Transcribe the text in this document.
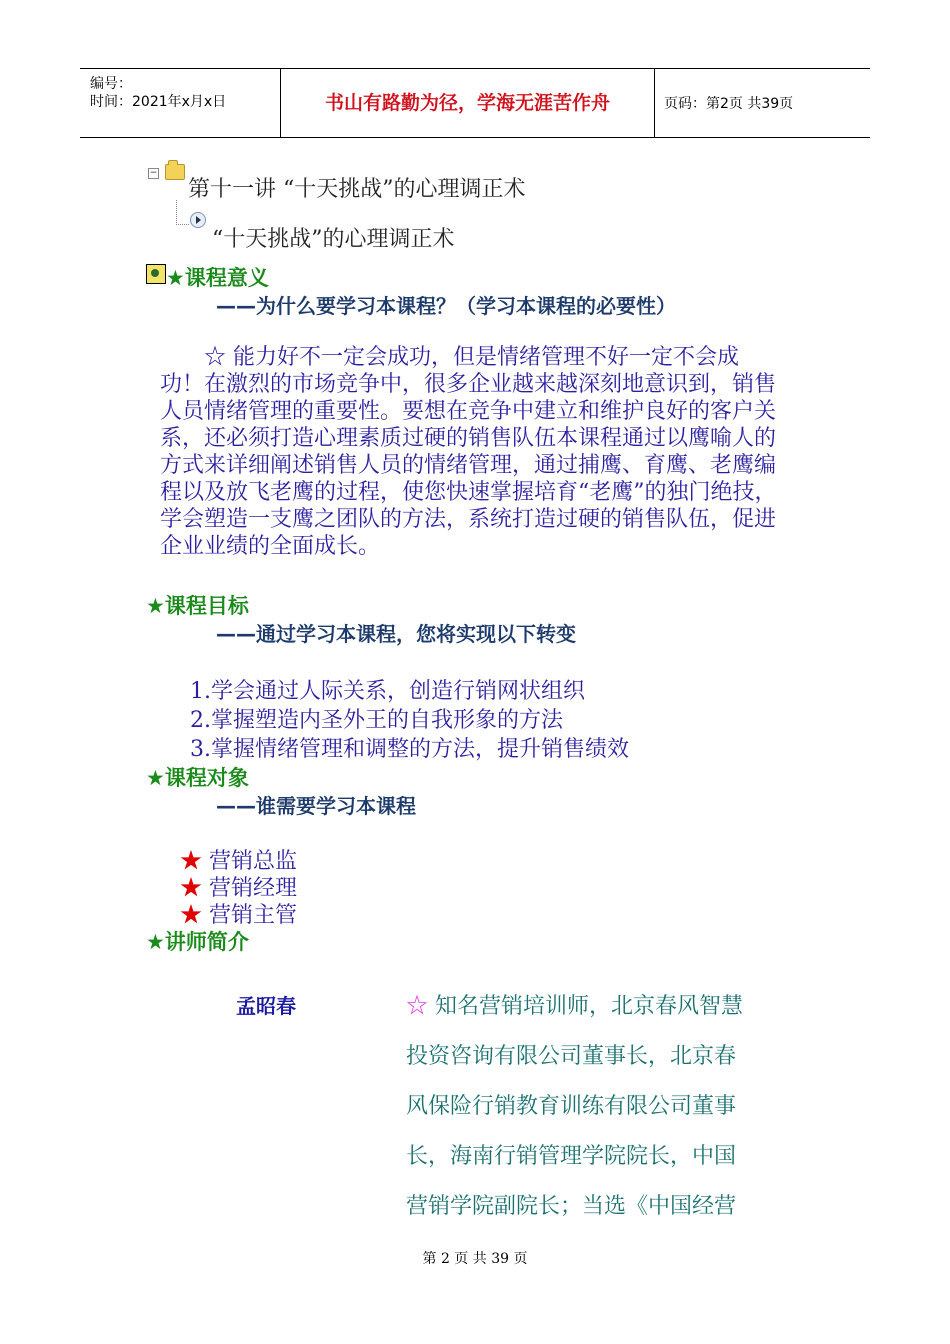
编号：
时间：2021年x月x日	书山有路勤为径，学海无涯苦作舟	页码：第2页 共39页
−
第十一讲 “十天挑战”的心理调正术
“十天挑战”的心理调正术
★课程意义
——为什么要学习本课程？（学习本课程的必要性）
☆ 能力好不一定会成功，但是情绪管理不好一定不会成功！在激烈的市场竞争中，很多企业越来越深刻地意识到，销售人员情绪管理的重要性。要想在竞争中建立和维护良好的客户关系，还必须打造心理素质过硬的销售队伍本课程通过以鹰喻人的方式来详细阐述销售人员的情绪管理，通过捕鹰、育鹰、老鹰编程以及放飞老鹰的过程，使您快速掌握培育“老鹰”的独门绝技，学会塑造一支鹰之团队的方法，系统打造过硬的销售队伍，促进企业业绩的全面成长。
★课程目标
——通过学习本课程，您将实现以下转变
1.学会通过人际关系，创造行销网状组织
2.掌握塑造内圣外王的自我形象的方法
3.掌握情绪管理和调整的方法，提升销售绩效
★课程对象
——谁需要学习本课程
★ 营销总监
★ 营销经理
★ 营销主管
★讲师简介
孟昭春	☆ 知名营销培训师，北京春风智慧
投资咨询有限公司董事长，北京春
风保险行销教育训练有限公司董事
长，海南行销管理学院院长，中国
营销学院副院长；当选《中国经营
第 2 页 共 39 页
